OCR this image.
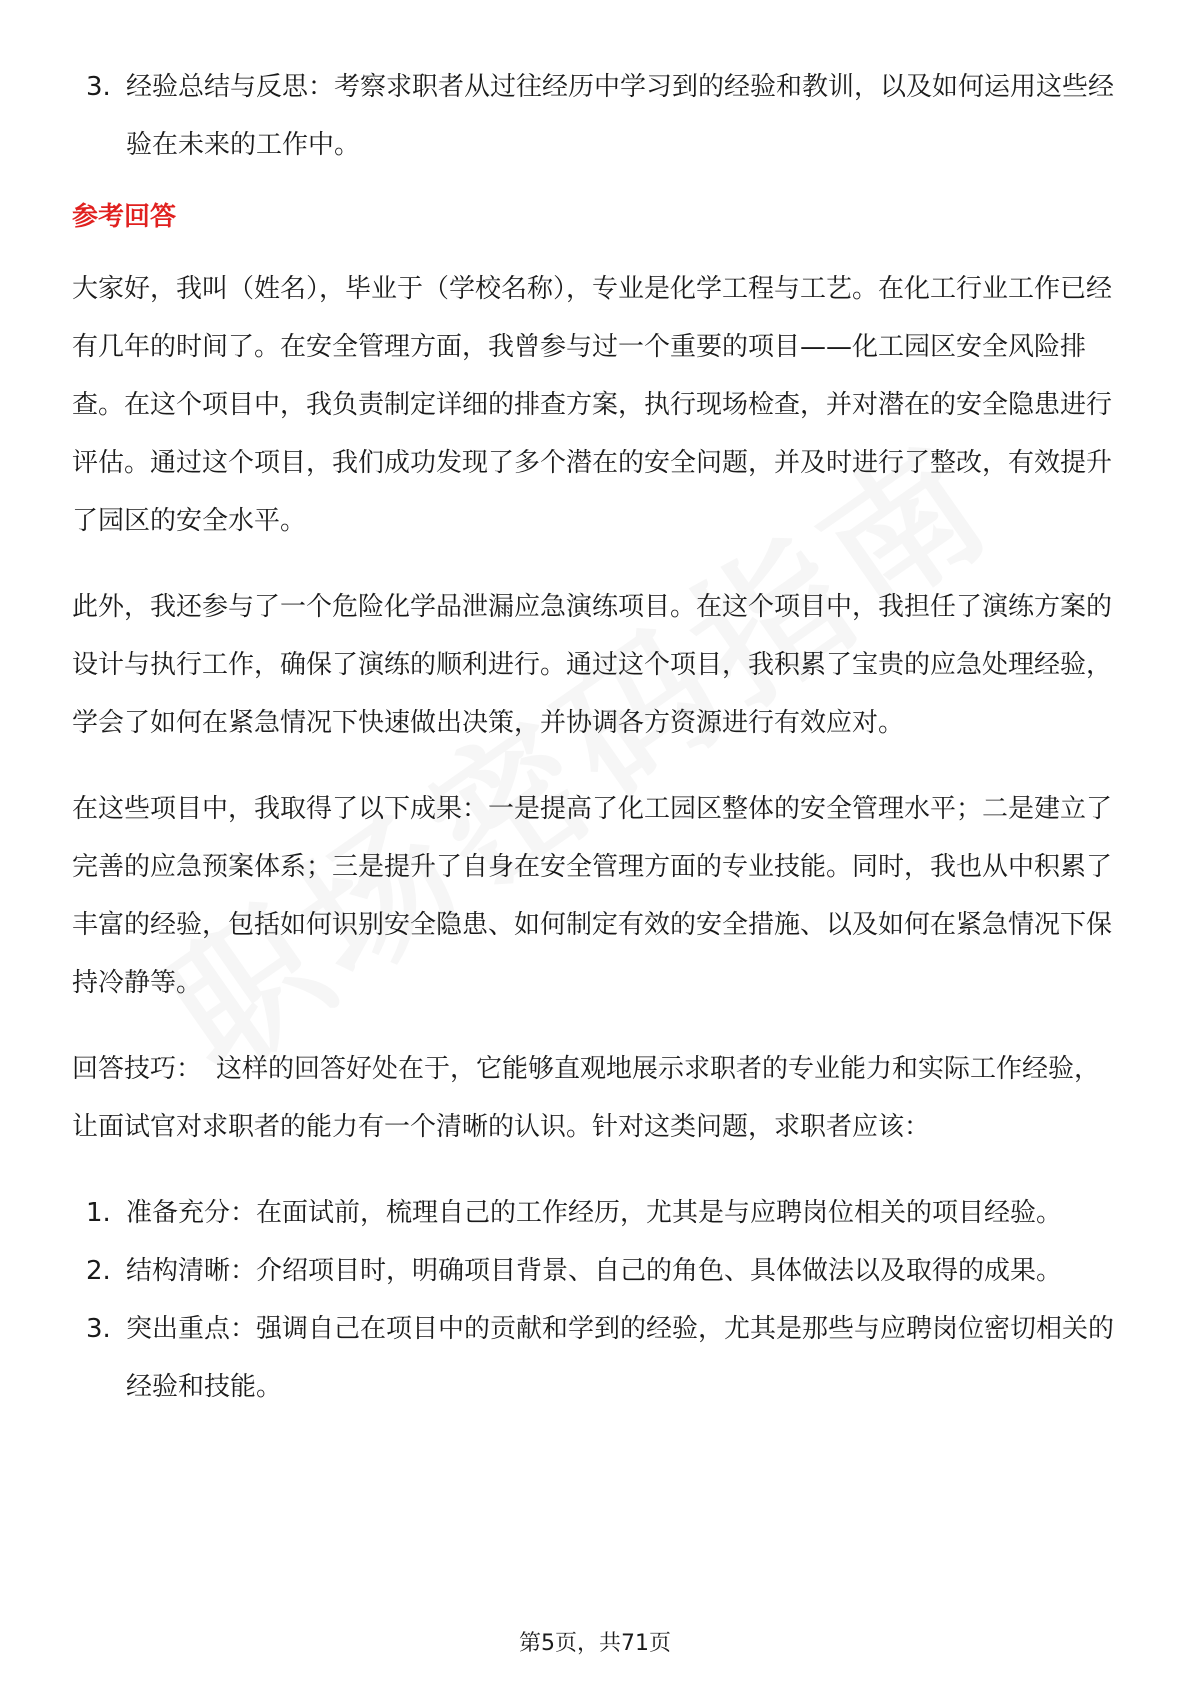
3. 经验总结与反思：考察求职者从过往经历中学习到的经验和教训，以及如何运用这些经验在未来的工作中。
参考回答

大家好，我叫（姓名），毕业于（学校名称），专业是化学工程与工艺。在化工行业工作已经有几年的时间了。在安全管理方面，我曾参与过一个重要的项目——化工园区安全风险排查。在这个项目中，我负责制定详细的排查方案，执行现场检查，并对潜在的安全隐患进行评估。通过这个项目，我们成功发现了多个潜在的安全问题，并及时进行了整改，有效提升了园区的安全水平。

此外，我还参与了一个危险化学品泄漏应急演练项目。在这个项目中，我担任了演练方案的设计与执行工作，确保了演练的顺利进行。通过这个项目，我积累了宝贵的应急处理经验，学会了如何在紧急情况下快速做出决策，并协调各方资源进行有效应对。

在这些项目中，我取得了以下成果：一是提高了化工园区整体的安全管理水平；二是建立了完善的应急预案体系；三是提升了自身在安全管理方面的专业技能。同时，我也从中积累了丰富的经验，包括如何识别安全隐患、如何制定有效的安全措施、以及如何在紧急情况下保持冷静等。

回答技巧： 这样的回答好处在于，它能够直观地展示求职者的专业能力和实际工作经验，让面试官对求职者的能力有一个清晰的认识。针对这类问题，求职者应该：

1. 准备充分：在面试前，梳理自己的工作经历，尤其是与应聘岗位相关的项目经验。
2. 结构清晰：介绍项目时，明确项目背景、自己的角色、具体做法以及取得的成果。
3. 突出重点：强调自己在项目中的贡献和学到的经验，尤其是那些与应聘岗位密切相关的经验和技能。
第5页，共71页
